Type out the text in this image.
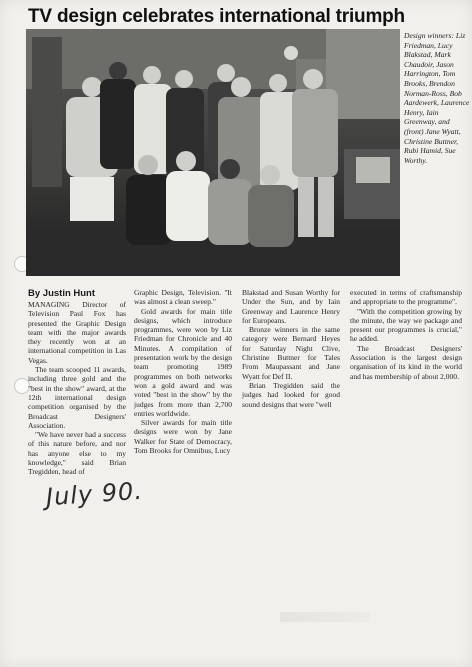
TV design celebrates international triumph
Design winners: Liz Friedman, Lucy Blakstad, Mark Chaudoir, Jason Harrington, Tom Brooks, Brendon Norman-Ross, Bob Aardewerk, Laurence Henry, Iain Greenway, and (front) Jane Wyatt, Christine Buttner, Rubi Hamid, Sue Worthy.
By Justin Hunt

MANAGING Director of Television Paul Fox has presented the Graphic Design team with the major awards they recently won at an international competition in Las Vegas.

The team scooped 11 awards, including three gold and the "best in the show" award, at the 12th international design competition organised by the Broadcast Designers' Association.

"We have never had a success of this nature before, and nor has anyone else to my knowledge," said Brian Tregidden, head of

Graphic Design, Television. "It was almost a clean sweep."

Gold awards for main title designs, which introduce programmes, were won by Liz Friedman for Chronicle and 40 Minutes. A compilation of presentation work by the design team promoting 1989 programmes on both networks won a gold award and was voted "best in the show" by the judges from more than 2,700 entries worldwide.

Silver awards for main title designs were won by Jane Walker for State of Democracy, Tom Brooks for Omnibus, Lucy

Blakstad and Susan Worthy for Under the Sun, and by Iain Greenway and Laurence Henry for Europeans.

Bronze winners in the same category were Bernard Heyes for Saturday Night Clive, Christine Buttner for Tales From Maupassant and Jane Wyatt for Def II.

Brian Tregidden said the judges had looked for good sound designs that were "well

executed in terms of craftsmanship and appropriate to the programme".

"With the competition growing by the minute, the way we package and present our programmes is crucial," he added.

The Broadcast Designers' Association is the largest design organisation of its kind in the world and has membership of about 2,000.

July 90.
